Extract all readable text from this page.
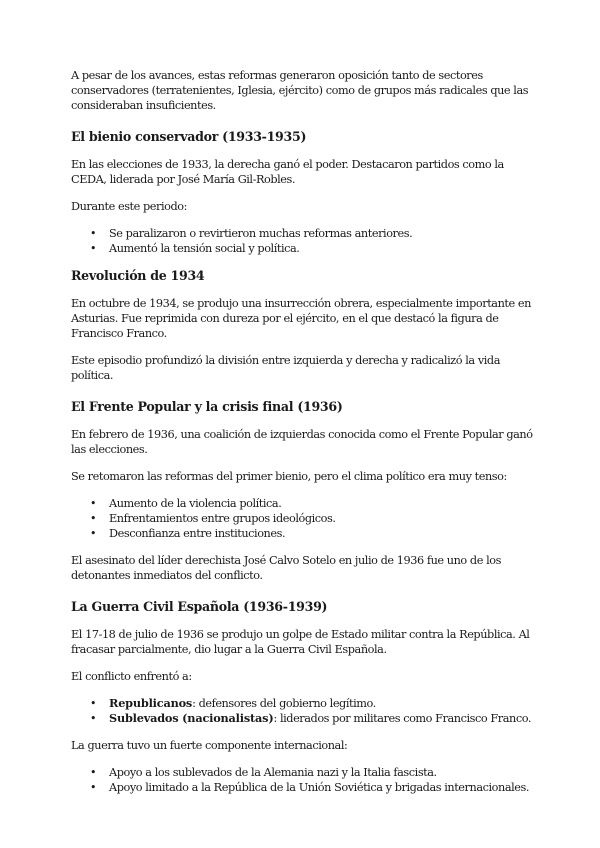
A pesar de los avances, estas reformas generaron oposición tanto de sectores conservadores (terratenientes, Iglesia, ejército) como de grupos más radicales que las consideraban insuficientes.

El bienio conservador (1933-1935)

En las elecciones de 1933, la derecha ganó el poder. Destacaron partidos como la CEDA, liderada por José María Gil-Robles.

Durante este periodo:

• Se paralizaron o revirtieron muchas reformas anteriores.
• Aumentó la tensión social y política.
Revolución de 1934

En octubre de 1934, se produjo una insurrección obrera, especialmente importante en Asturias. Fue reprimida con dureza por el ejército, en el que destacó la figura de Francisco Franco.

Este episodio profundizó la división entre izquierda y derecha y radicalizó la vida política.

El Frente Popular y la crisis final (1936)

En febrero de 1936, una coalición de izquierdas conocida como el Frente Popular ganó las elecciones.

Se retomaron las reformas del primer bienio, pero el clima político era muy tenso:

• Aumento de la violencia política.
• Enfrentamientos entre grupos ideológicos.
• Desconfianza entre instituciones.

El asesinato del líder derechista José Calvo Sotelo en julio de 1936 fue uno de los detonantes inmediatos del conflicto.

La Guerra Civil Española (1936-1939)

El 17-18 de julio de 1936 se produjo un golpe de Estado militar contra la República. Al fracasar parcialmente, dio lugar a la Guerra Civil Española.

El conflicto enfrentó a:

• Republicanos: defensores del gobierno legítimo.
• Sublevados (nacionalistas): liderados por militares como Francisco Franco.

La guerra tuvo un fuerte componente internacional:

• Apoyo a los sublevados de la Alemania nazi y la Italia fascista.
• Apoyo limitado a la República de la Unión Soviética y brigadas internacionales.
